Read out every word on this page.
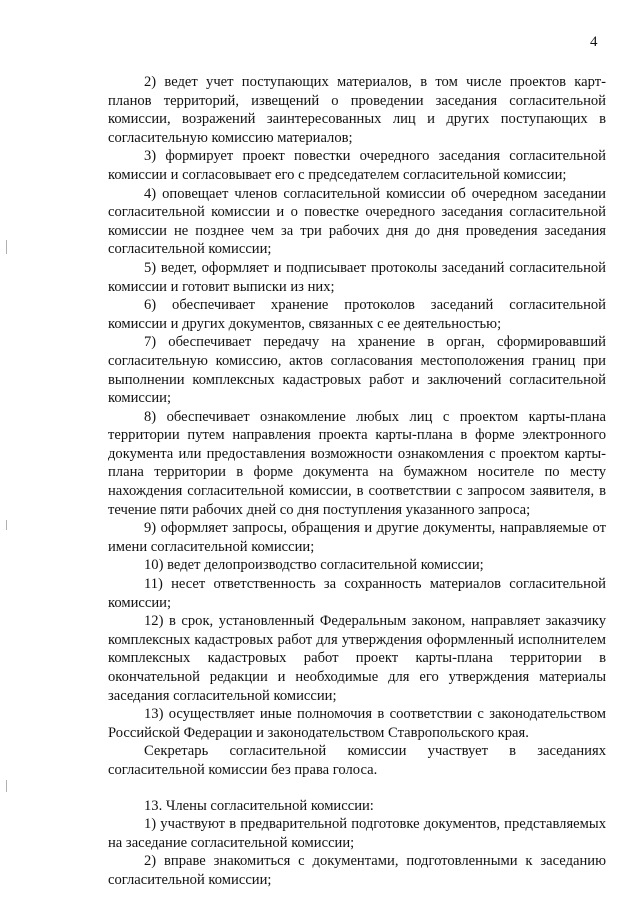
4

2) ведет учет поступающих материалов, в том числе проектов карт-планов территорий, извещений о проведении заседания согласительной комиссии, возражений заинтересованных лиц и других поступающих в согласительную комиссию материалов;

3) формирует проект повестки очередного заседания согласительной комиссии и согласовывает его с председателем согласительной комиссии;

4) оповещает членов согласительной комиссии об очередном заседании согласительной комиссии и о повестке очередного заседания согласительной комиссии не позднее чем за три рабочих дня до дня проведения заседания согласительной комиссии;

5) ведет, оформляет и подписывает протоколы заседаний согласительной комиссии и готовит выписки из них;

6) обеспечивает хранение протоколов заседаний согласительной комиссии и других документов, связанных с ее деятельностью;

7) обеспечивает передачу на хранение в орган, сформировавший согласительную комиссию, актов согласования местоположения границ при выполнении комплексных кадастровых работ и заключений согласительной комиссии;

8) обеспечивает ознакомление любых лиц с проектом карты-плана территории путем направления проекта карты-плана в форме электронного документа или предоставления возможности ознакомления с проектом карты-плана территории в форме документа на бумажном носителе по месту нахождения согласительной комиссии, в соответствии с запросом заявителя, в течение пяти рабочих дней со дня поступления указанного запроса;

9) оформляет запросы, обращения и другие документы, направляемые от имени согласительной комиссии;

10) ведет делопроизводство согласительной комиссии;

11) несет ответственность за сохранность материалов согласительной комиссии;

12) в срок, установленный Федеральным законом, направляет заказчику комплексных кадастровых работ для утверждения оформленный исполнителем комплексных кадастровых работ проект карты-плана территории в окончательной редакции и необходимые для его утверждения материалы заседания согласительной комиссии;

13) осуществляет иные полномочия в соответствии с законодательством Российской Федерации и законодательством Ставропольского края.

Секретарь согласительной комиссии участвует в заседаниях согласительной комиссии без права голоса.

13. Члены согласительной комиссии:

1) участвуют в предварительной подготовке документов, представляемых на заседание согласительной комиссии;

2) вправе знакомиться с документами, подготовленными к заседанию согласительной комиссии;
